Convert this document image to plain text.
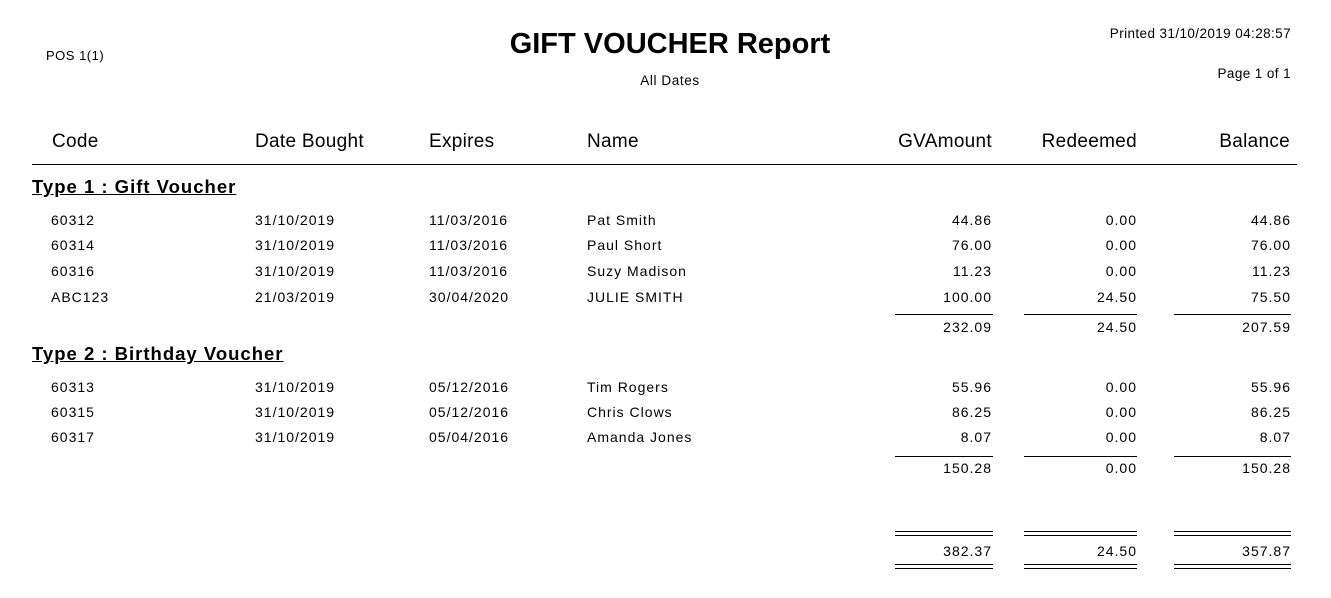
POS 1(1)	GIFT VOUCHER Report
All Dates
Printed 31/10/2019 04:28:57
Page 1 of 1
Code	Date Bought	Expires	Name	GVAmount	Redeemed	Balance
Type 1 : Gift Voucher
60312	31/10/2019	11/03/2016	Pat Smith	44.86	0.00	44.86
60314	31/10/2019	11/03/2016	Paul Short	76.00	0.00	76.00
60316	31/10/2019	11/03/2016	Suzy Madison	11.23	0.00	11.23
ABC123	21/03/2019	30/04/2020	JULIE SMITH	100.00	24.50	75.50
232.09	24.50	207.59
Type 2 : Birthday Voucher
60313	31/10/2019	05/12/2016	Tim Rogers	55.96	0.00	55.96
60315	31/10/2019	05/12/2016	Chris Clows	86.25	0.00	86.25
60317	31/10/2019	05/04/2016	Amanda Jones	8.07	0.00	8.07
150.28	0.00	150.28
382.37	24.50	357.87
